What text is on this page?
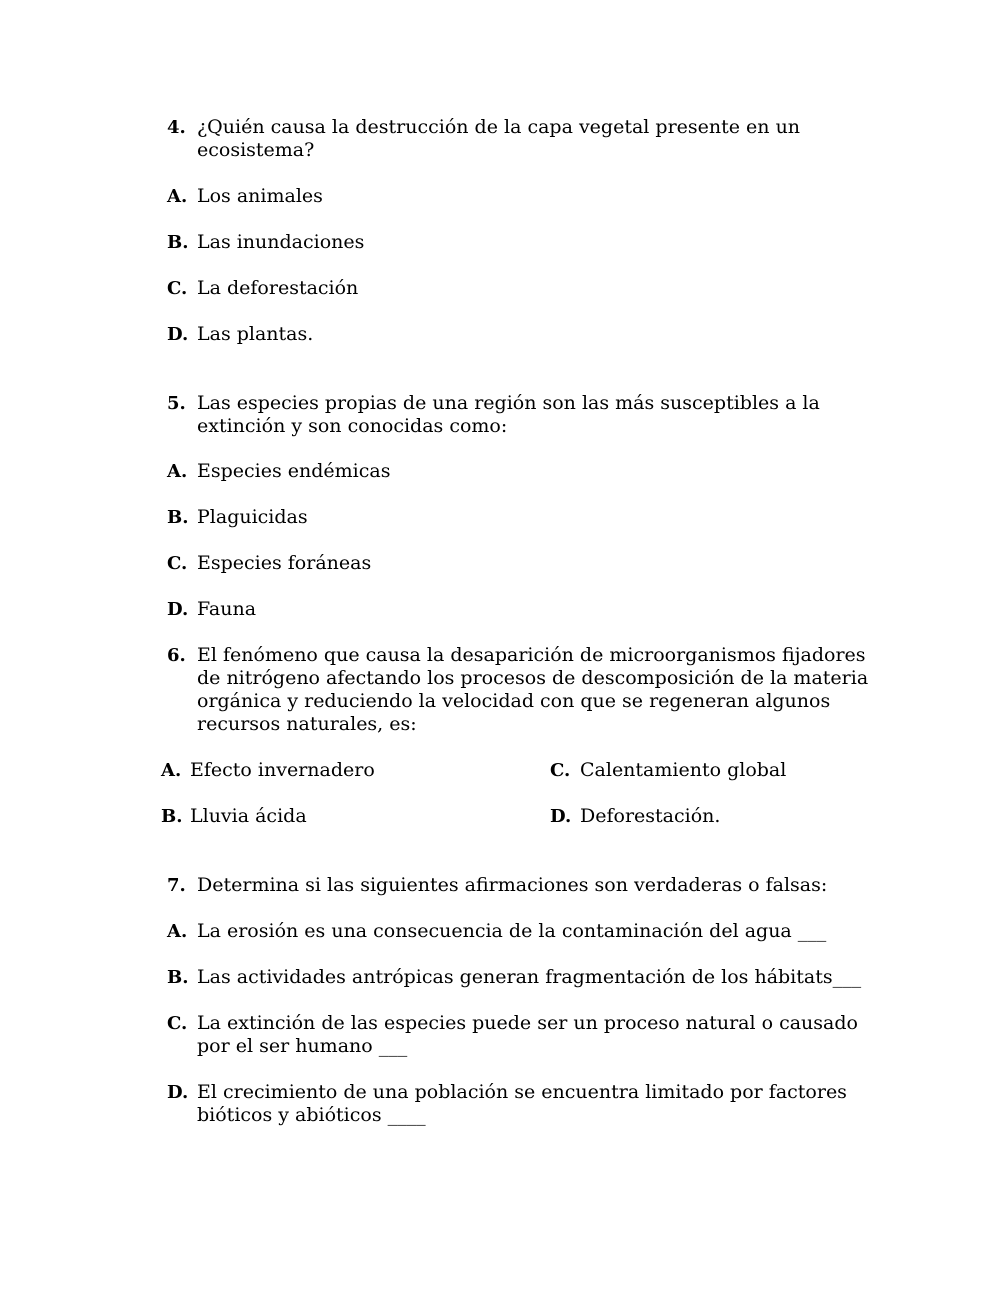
4. ¿Quién causa la destrucción de la capa vegetal presente en un
ecosistema?
A. Los animales
B. Las inundaciones
C. La deforestación
D. Las plantas.
5. Las especies propias de una región son las más susceptibles a la
extinción y son conocidas como:
A. Especies endémicas
B. Plaguicidas
C. Especies foráneas
D. Fauna
6. El fenómeno que causa la desaparición de microorganismos fijadores
de nitrógeno afectando los procesos de descomposición de la materia
orgánica y reduciendo la velocidad con que se regeneran algunos
recursos naturales, es:
A. Efecto invernadero
B. Lluvia ácida
C. Calentamiento global
D. Deforestación.
7. Determina si las siguientes afirmaciones son verdaderas o falsas:
A. La erosión es una consecuencia de la contaminación del agua ___
B. Las actividades antrópicas generan fragmentación de los hábitats___
C. La extinción de las especies puede ser un proceso natural o causado
por el ser humano ___
D. El crecimiento de una población se encuentra limitado por factores
bióticos y abióticos ____
